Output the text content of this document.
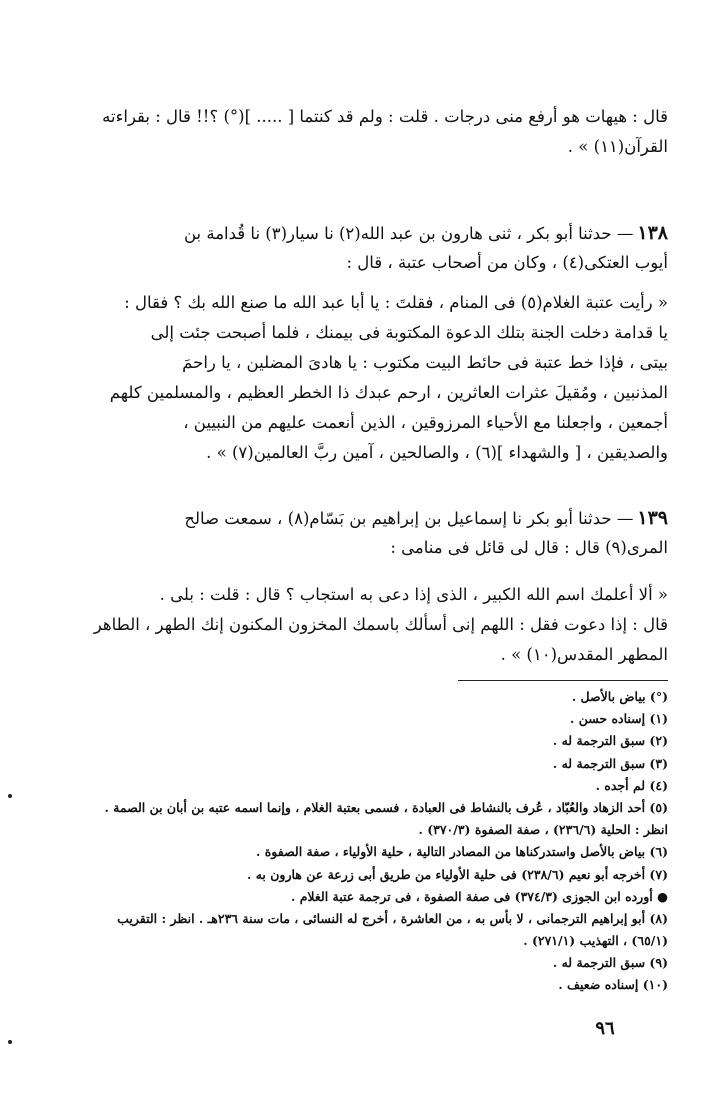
قال : هيهات هو أرفع منى درجات . قلت : ولم قد كنتما [ ..... ](°) ؟!! قال : بقراءته
القرآن(١١) » .
١٣٨— حدثنا أبو بكر ، ثنى هارون بن عبد الله(٢) نا سيار(٣) نا قُدامة بن
أيوب العتكى(٤) ، وكان من أصحاب عتبة ، قال :
« رأيت عتبة الغلام(٥) فى المنام ، فقلتَ : يا أبا عبد الله ما صنع الله بك ؟ فقال :
يا قدامة دخلت الجنة بتلك الدعوة المكتوبة فى بيمنك ، فلما أصبحت جئت إلى
بيتى ، فإذا خط عتبة فى حائط البيت مكتوب : يا هادىَ المضلين ، يا راحمَ
المذنبين ، ومُقيلَ عثرات العاثرين ، ارحم عبدك ذا الخطر العظيم ، والمسلمين كلهم
أجمعين ، واجعلنا مع الأحياء المرزوقين ، الذين أنعمت عليهم من النبيين ،
والصديقين ، [ والشهداء ](٦) ، والصالحين ، آمين ربَّ العالمين(٧) » .
١٣٩— حدثنا أبو بكر نا إسماعيل بن إبراهيم بن بَسّام(٨) ، سمعت صالح
المرى(٩) قال : قال لى قائل فى منامى :
« ألا أعلمك اسم الله الكبير ، الذى إذا دعى به استجاب ؟ قال : قلت : بلى .
قال : إذا دعوت فقل : اللهم إنى أسألك باسمك المخزون المكنون إنك الطهر ، الطاهر
المطهر المقدس(١٠) » .
(°) بياض بالأصل .
(١) إسناده حسن .
(٢) سبق الترجمة له .
(٣) سبق الترجمة له .
(٤) لم أجده .
(٥) أحد الزهاد والعُبّاد ، عُرف بالنشاط فى العبادة ، فسمى بعتبة الغلام ، وإنما اسمه عتبه بن أبان بن الصمة .
انظر : الحلية (٢٣٦/٦) ، صفة الصفوة (٣٧٠/٣) .
(٦) بياض بالأصل واستدركناها من المصادر التالية ، حلية الأولياء ، صفة الصفوة .
(٧) أخرجه أبو نعيم (٢٣٨/٦) فى حلية الأولياء من طريق أبى زرعة عن هارون به .
● أورده ابن الجوزى (٣٧٤/٣) فى صفة الصفوة ، فى ترجمة عتبة الغلام .
(٨) أبو إبراهيم الترجمانى ، لا بأس به ، من العاشرة ، أخرج له النسائى ، مات سنة ٢٣٦هـ . انظر : التقريب
(٦٥/١) ، التهذيب (٢٧١/١) .
(٩) سبق الترجمة له .
(١٠) إسناده ضعيف .
٩٦
